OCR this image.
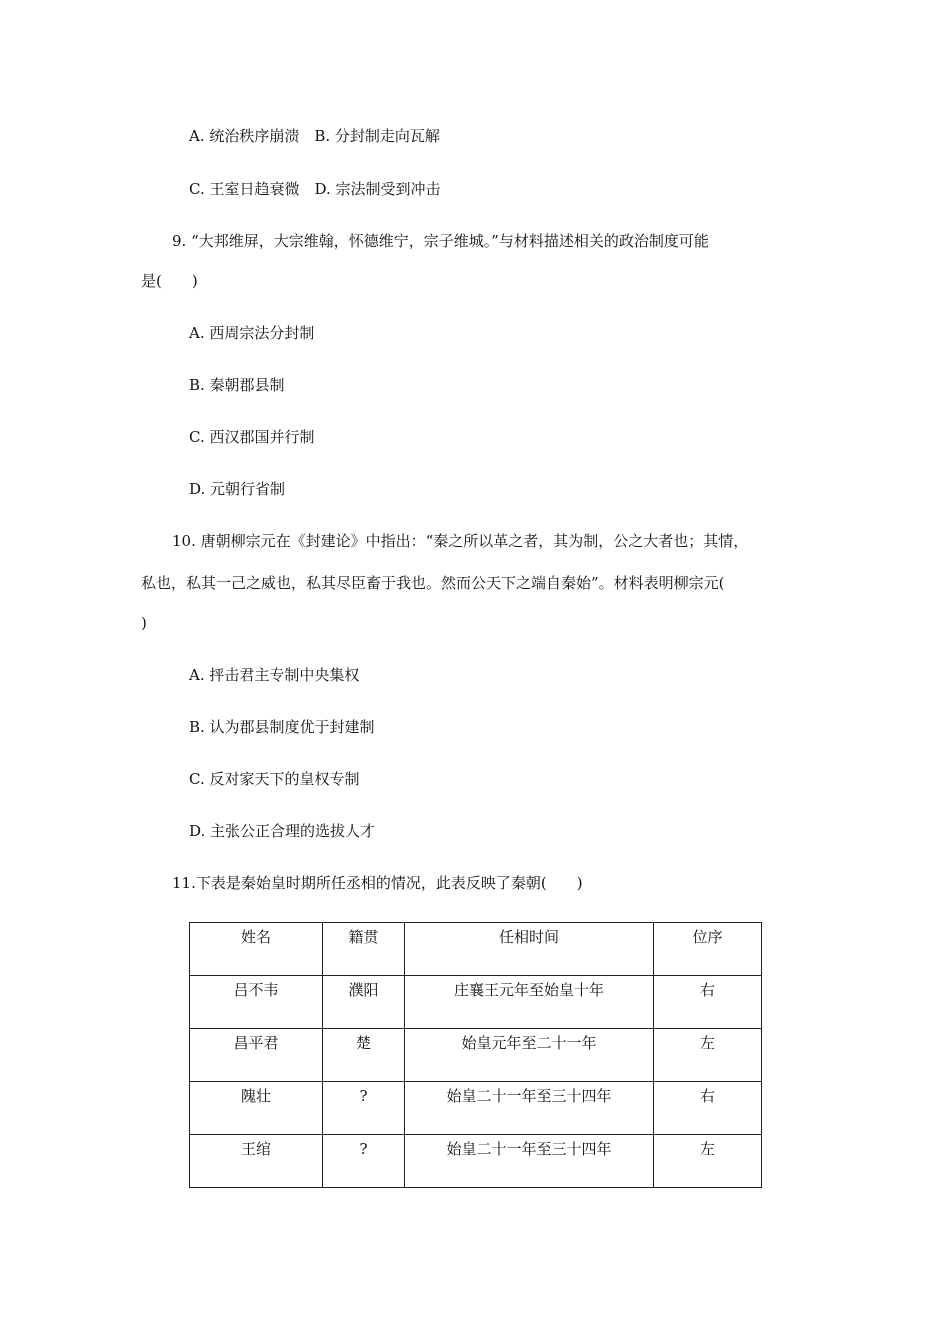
A. 统治秩序崩溃　B. 分封制走向瓦解
C. 王室日趋衰微　D. 宗法制受到冲击
9. “大邦维屏，大宗维翰，怀德维宁，宗子维城。”与材料描述相关的政治制度可能
是(　　)
A. 西周宗法分封制
B. 秦朝郡县制
C. 西汉郡国并行制
D. 元朝行省制
10. 唐朝柳宗元在《封建论》中指出：“秦之所以革之者，其为制，公之大者也；其情，
私也，私其一己之威也，私其尽臣畜于我也。然而公天下之端自秦始”。材料表明柳宗元(
)
A. 抨击君主专制中央集权
B. 认为郡县制度优于封建制
C. 反对家天下的皇权专制
D. 主张公正合理的选拔人才
11.下表是秦始皇时期所任丞相的情况，此表反映了秦朝(　　)
姓名	籍贯	任相时间	位序
吕不韦	濮阳	庄襄王元年至始皇十年	右
昌平君	楚	始皇元年至二十一年	左
隗壮	?	始皇二十一年至三十四年	右
王绾	?	始皇二十一年至三十四年	左
